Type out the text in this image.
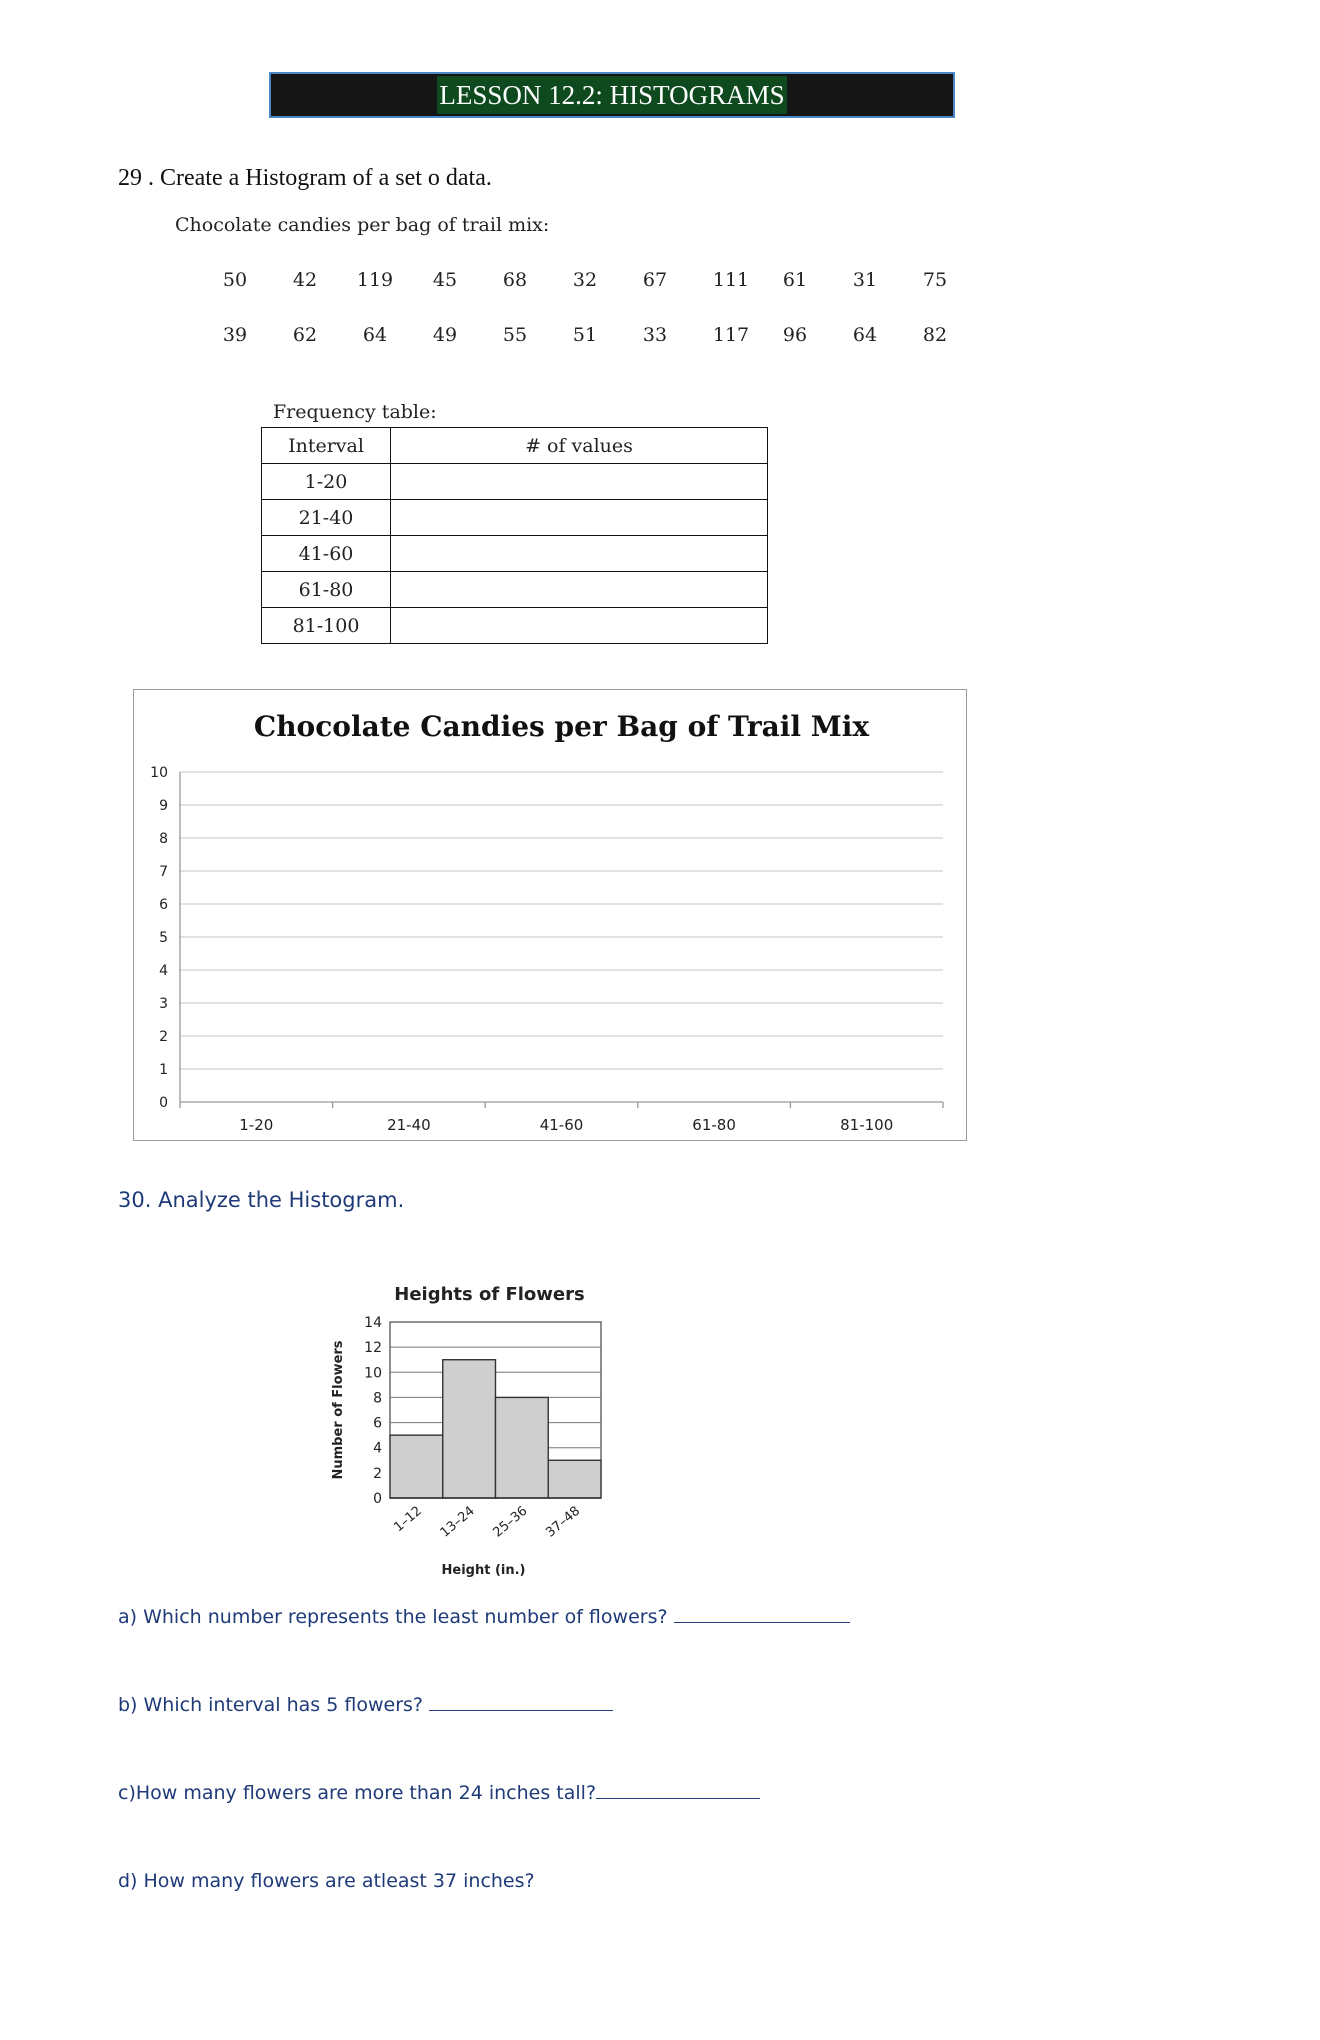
LESSON 12.2: HISTOGRAMS
29 . Create a Histogram of a set o data.
Chocolate candies per bag of trail mix:
50	42	119	45	68	32	67	111	61	31	75
39	62	64	49	55	51	33	117	96	64	82
Frequency table:
Interval	# of values
1-20	
21-40	
41-60	
61-80	
81-100	
Chocolate Candies per Bag of Trail Mix
0
1
2
3
4
5
6
7
8
9
10
1-20	21-40	41-60	61-80	81-100
30. Analyze the Histogram.
Heights of Flowers
0
2
4
6
8
10
12
14
1–12 13–24 25–36 37–48
Height (in.)
Number of Flowers
a) Which number represents the least number of flowers?
b) Which interval has 5 flowers?
c)How many flowers are more than 24 inches tall?
d) How many flowers are atleast 37 inches?
